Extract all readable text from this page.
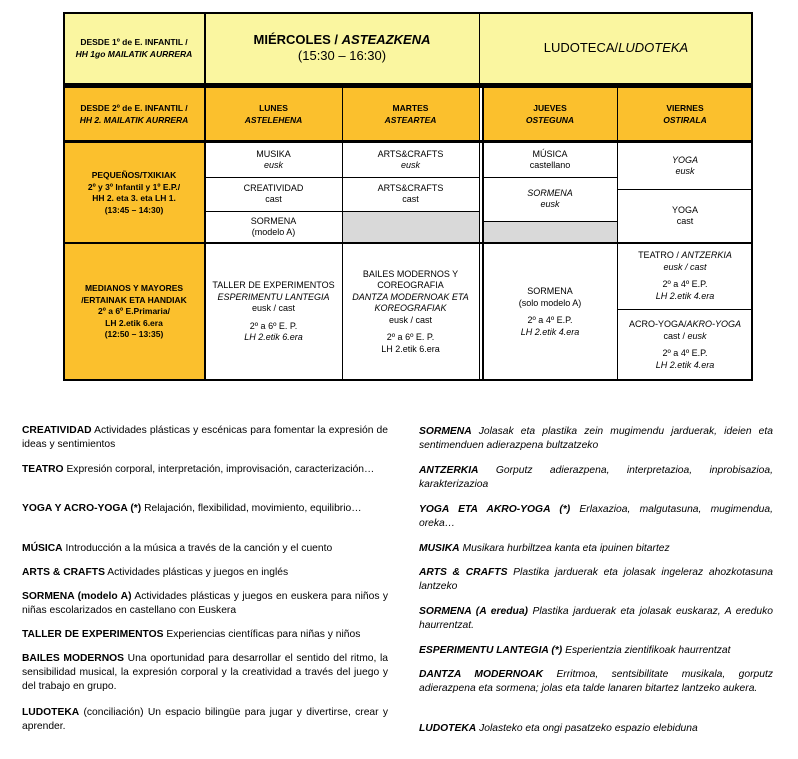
DESDE 1º de E. INFANTIL /
HH 1go MAILATIK AURRERA
MIÉRCOLES / ASTEAZKENA
(15:30 – 16:30)
LUDOTECA/LUDOTEKA
DESDE 2º de E. INFANTIL /
HH 2. MAILATIK AURRERA
LUNES
ASTELEHENA
MARTES
ASTEARTEA
JUEVES
OSTEGUNA
VIERNES
OSTIRALA
PEQUEÑOS/TXIKIAK
2º y 3º Infantil y 1º E.P./
HH 2. eta 3. eta LH 1.
(13:45 – 14:30)
MUSIKA
eusk
CREATIVIDAD
cast
SORMENA
(modelo A)
ARTS&CRAFTS
eusk
ARTS&CRAFTS
cast
MÚSICA
castellano
SORMENA
eusk
YOGA
eusk
YOGA
cast
MEDIANOS Y MAYORES
/ERTAINAK ETA HANDIAK
2º a 6º E.Primaria/
LH 2.etik 6.era
(12:50 – 13:35)
TALLER DE EXPERIMENTOS
ESPERIMENTU LANTEGIA
eusk / cast
2º a 6º E. P.
LH 2.etik 6.era
BAILES MODERNOS Y
COREOGRAFIA
DANTZA MODERNOAK ETA
KOREOGRAFIAK
eusk / cast
2º a 6º E. P.
LH 2.etik 6.era
SORMENA
(solo modelo A)
2º a 4º E.P.
LH 2.etik 4.era
TEATRO / ANTZERKIA
eusk / cast
2º a 4º E.P.
LH 2.etik 4.era
ACRO-YOGA/AKRO-YOGA
cast / eusk
2º a 4º E.P.
LH 2.etik 4.era

CREATIVIDAD Actividades plásticas y escénicas para fomentar la expresión de ideas y sentimientos

TEATRO Expresión corporal, interpretación, improvisación, caracterización…

YOGA Y ACRO-YOGA (*) Relajación, flexibilidad, movimiento, equilibrio…

MÚSICA Introducción a la música a través de la canción y el cuento

ARTS & CRAFTS Actividades plásticas y juegos en inglés

SORMENA (modelo A) Actividades plásticas y juegos en euskera para niños y niñas escolarizados en castellano con Euskera

TALLER DE EXPERIMENTOS Experiencias científicas para niñas y niños

BAILES MODERNOS Una oportunidad para desarrollar el sentido del ritmo, la sensibilidad musical, la expresión corporal y la creatividad a través del juego y del trabajo en grupo.

LUDOTEKA (conciliación) Un espacio bilingüe para jugar y divertirse, crear y aprender.

SORMENA Jolasak eta plastika zein mugimendu jarduerak, ideien eta sentimenduen adierazpena bultzatzeko

ANTZERKIA Gorputz adierazpena, interpretazioa, inprobisazioa, karakterizazioa

YOGA ETA AKRO-YOGA (*) Erlaxazioa, malgutasuna, mugimendua, oreka…

MUSIKA Musikara hurbiltzea kanta eta ipuinen bitartez

ARTS & CRAFTS Plastika jarduerak eta jolasak ingeleraz ahozkotasuna lantzeko

SORMENA (A eredua) Plastika jarduerak eta jolasak euskaraz, A ereduko haurrentzat.

ESPERIMENTU LANTEGIA (*) Esperientzia zientifikoak haurrentzat

DANTZA MODERNOAK Erritmoa, sentsibilitate musikala, gorputz adierazpena eta sormena; jolas eta talde lanaren bitartez lantzeko aukera.

LUDOTEKA Jolasteko eta ongi pasatzeko espazio elebiduna
